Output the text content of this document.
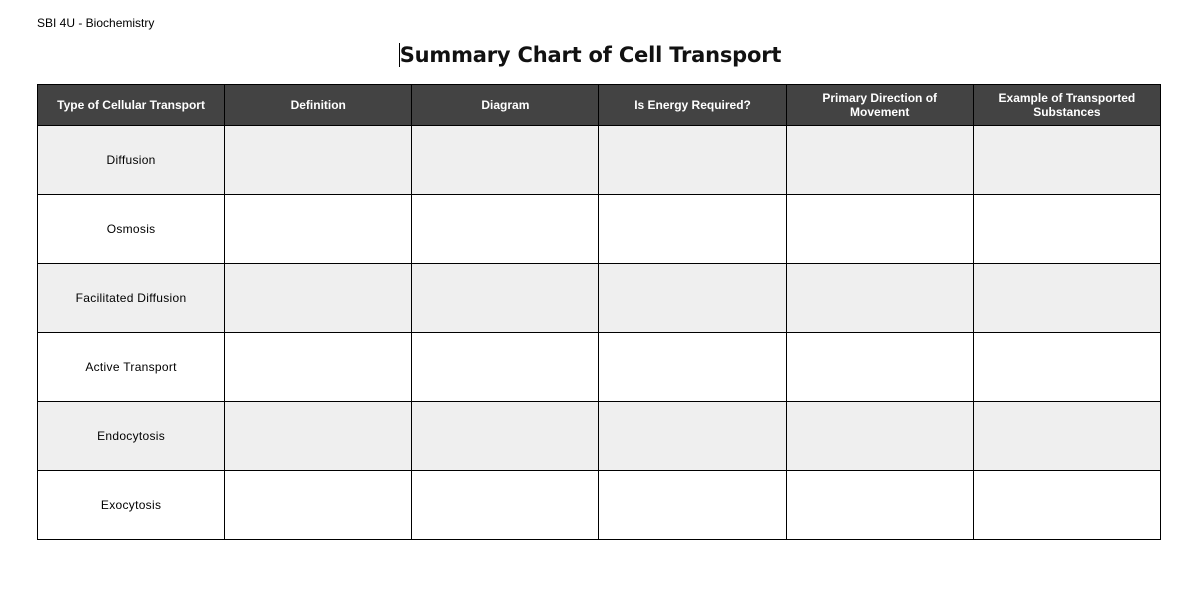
SBI 4U - Biochemistry
Summary Chart of Cell Transport
Type of Cellular Transport	Definition	Diagram	Is Energy Required?	Primary Direction of Movement	Example of Transported Substances
Diffusion					
Osmosis					
Facilitated Diffusion					
Active Transport					
Endocytosis					
Exocytosis					
